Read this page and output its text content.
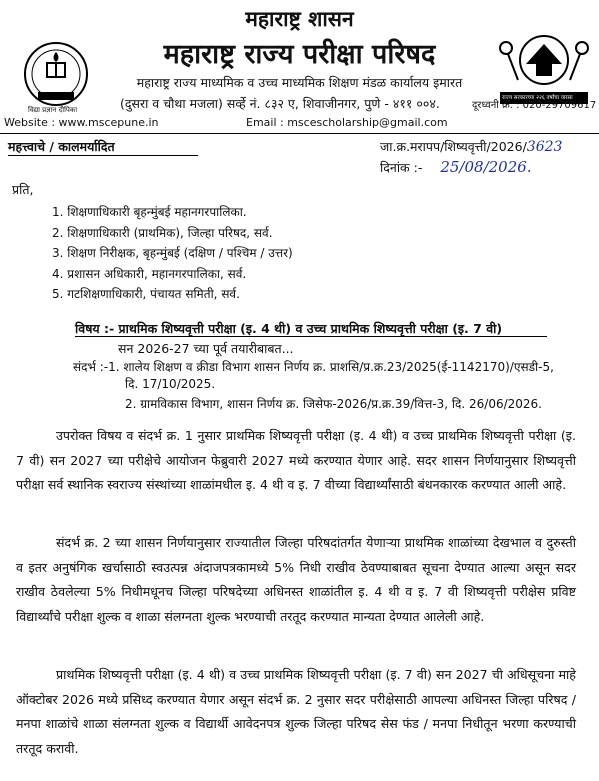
विद्या प्रज्ञान दीपिका
राज्य सरकारच्या २२६ वर्षांचा वारसा
महाराष्ट्र शासन
महाराष्ट्र राज्य परीक्षा परिषद
महाराष्ट्र राज्य माध्यमिक व उच्च माध्यमिक शिक्षण मंडळ कार्यालय इमारत
(दुसरा व चौथा मजला) सर्व्हे नं. ८३२ ए, शिवाजीनगर, पुणे - ४११ ००४.	दूरध्वनी क्र. : 020-29709617
Website : www.mscepune.in	Email : mscescholarship@gmail.com
महत्त्वाचे / कालमर्यादित	जा.क्र.मरापप/शिष्यवृत्ती/2026/3623
दिनांक :- 25/08/2026.
प्रति,
1. शिक्षणाधिकारी बृहन्मुंबई महानगरपालिका.
2. शिक्षणाधिकारी (प्राथमिक), जिल्हा परिषद, सर्व.
3. शिक्षण निरीक्षक, बृहन्मुंबई (दक्षिण / पश्चिम / उत्तर)
4. प्रशासन अधिकारी, महानगरपालिका, सर्व.
5. गटशिक्षणाधिकारी, पंचायत समिती, सर्व.
विषय :- प्राथमिक शिष्यवृत्ती परीक्षा (इ. 4 थी) व उच्च प्राथमिक शिष्यवृत्ती परीक्षा (इ. 7 वी)
सन 2026-27 च्या पूर्व तयारीबाबत...
संदर्भ :-1. शालेय शिक्षण व क्रीडा विभाग शासन निर्णय क्र. प्राशसि/प्र.क्र.23/2025(ई-1142170)/एसडी-5,
दि. 17/10/2025.
2. ग्रामविकास विभाग, शासन निर्णय क्र. जिसेफ-2026/प्र.क्र.39/वित्त-3, दि. 26/06/2026.

उपरोक्त विषय व संदर्भ क्र. 1 नुसार प्राथमिक शिष्यवृत्ती परीक्षा (इ. 4 थी) व उच्च प्राथमिक शिष्यवृत्ती परीक्षा (इ. 7 वी) सन 2027 च्या परीक्षेचे आयोजन फेब्रुवारी 2027 मध्ये करण्यात येणार आहे. सदर शासन निर्णयानुसार शिष्यवृत्ती परीक्षा सर्व स्थानिक स्वराज्य संस्थांच्या शाळांमधील इ. 4 थी व इ. 7 वीच्या विद्यार्थ्यांसाठी बंधनकारक करण्यात आली आहे.

संदर्भ क्र. 2 च्या शासन निर्णयानुसार राज्यातील जिल्हा परिषदांतर्गत येणाऱ्या प्राथमिक शाळांच्या देखभाल व दुरुस्ती व इतर अनुषंगिक खर्चासाठी स्वउत्पन्न अंदाजपत्रकामध्ये 5% निधी राखीव ठेवण्याबाबत सूचना देण्यात आल्या असून सदर राखीव ठेवलेल्या 5% निधीमधूनच जिल्हा परिषदेच्या अधिनस्त शाळांतील इ. 4 थी व इ. 7 वी शिष्यवृत्ती परीक्षेस प्रविष्ट विद्यार्थ्यांचे परीक्षा शुल्क व शाळा संलग्नता शुल्क भरण्याची तरतूद करण्यात मान्यता देण्यात आलेली आहे.

प्राथमिक शिष्यवृत्ती परीक्षा (इ. 4 थी) व उच्च प्राथमिक शिष्यवृत्ती परीक्षा (इ. 7 वी) सन 2027 ची अधिसूचना माहे ऑक्टोबर 2026 मध्ये प्रसिध्द करण्यात येणार असून संदर्भ क्र. 2 नुसार सदर परीक्षेसाठी आपल्या अधिनस्त जिल्हा परिषद / मनपा शाळांचे शाळा संलग्नता शुल्क व विद्यार्थी आवेदनपत्र शुल्क जिल्हा परिषद सेस फंड / मनपा निधीतून भरणा करण्याची तरतूद करावी.
